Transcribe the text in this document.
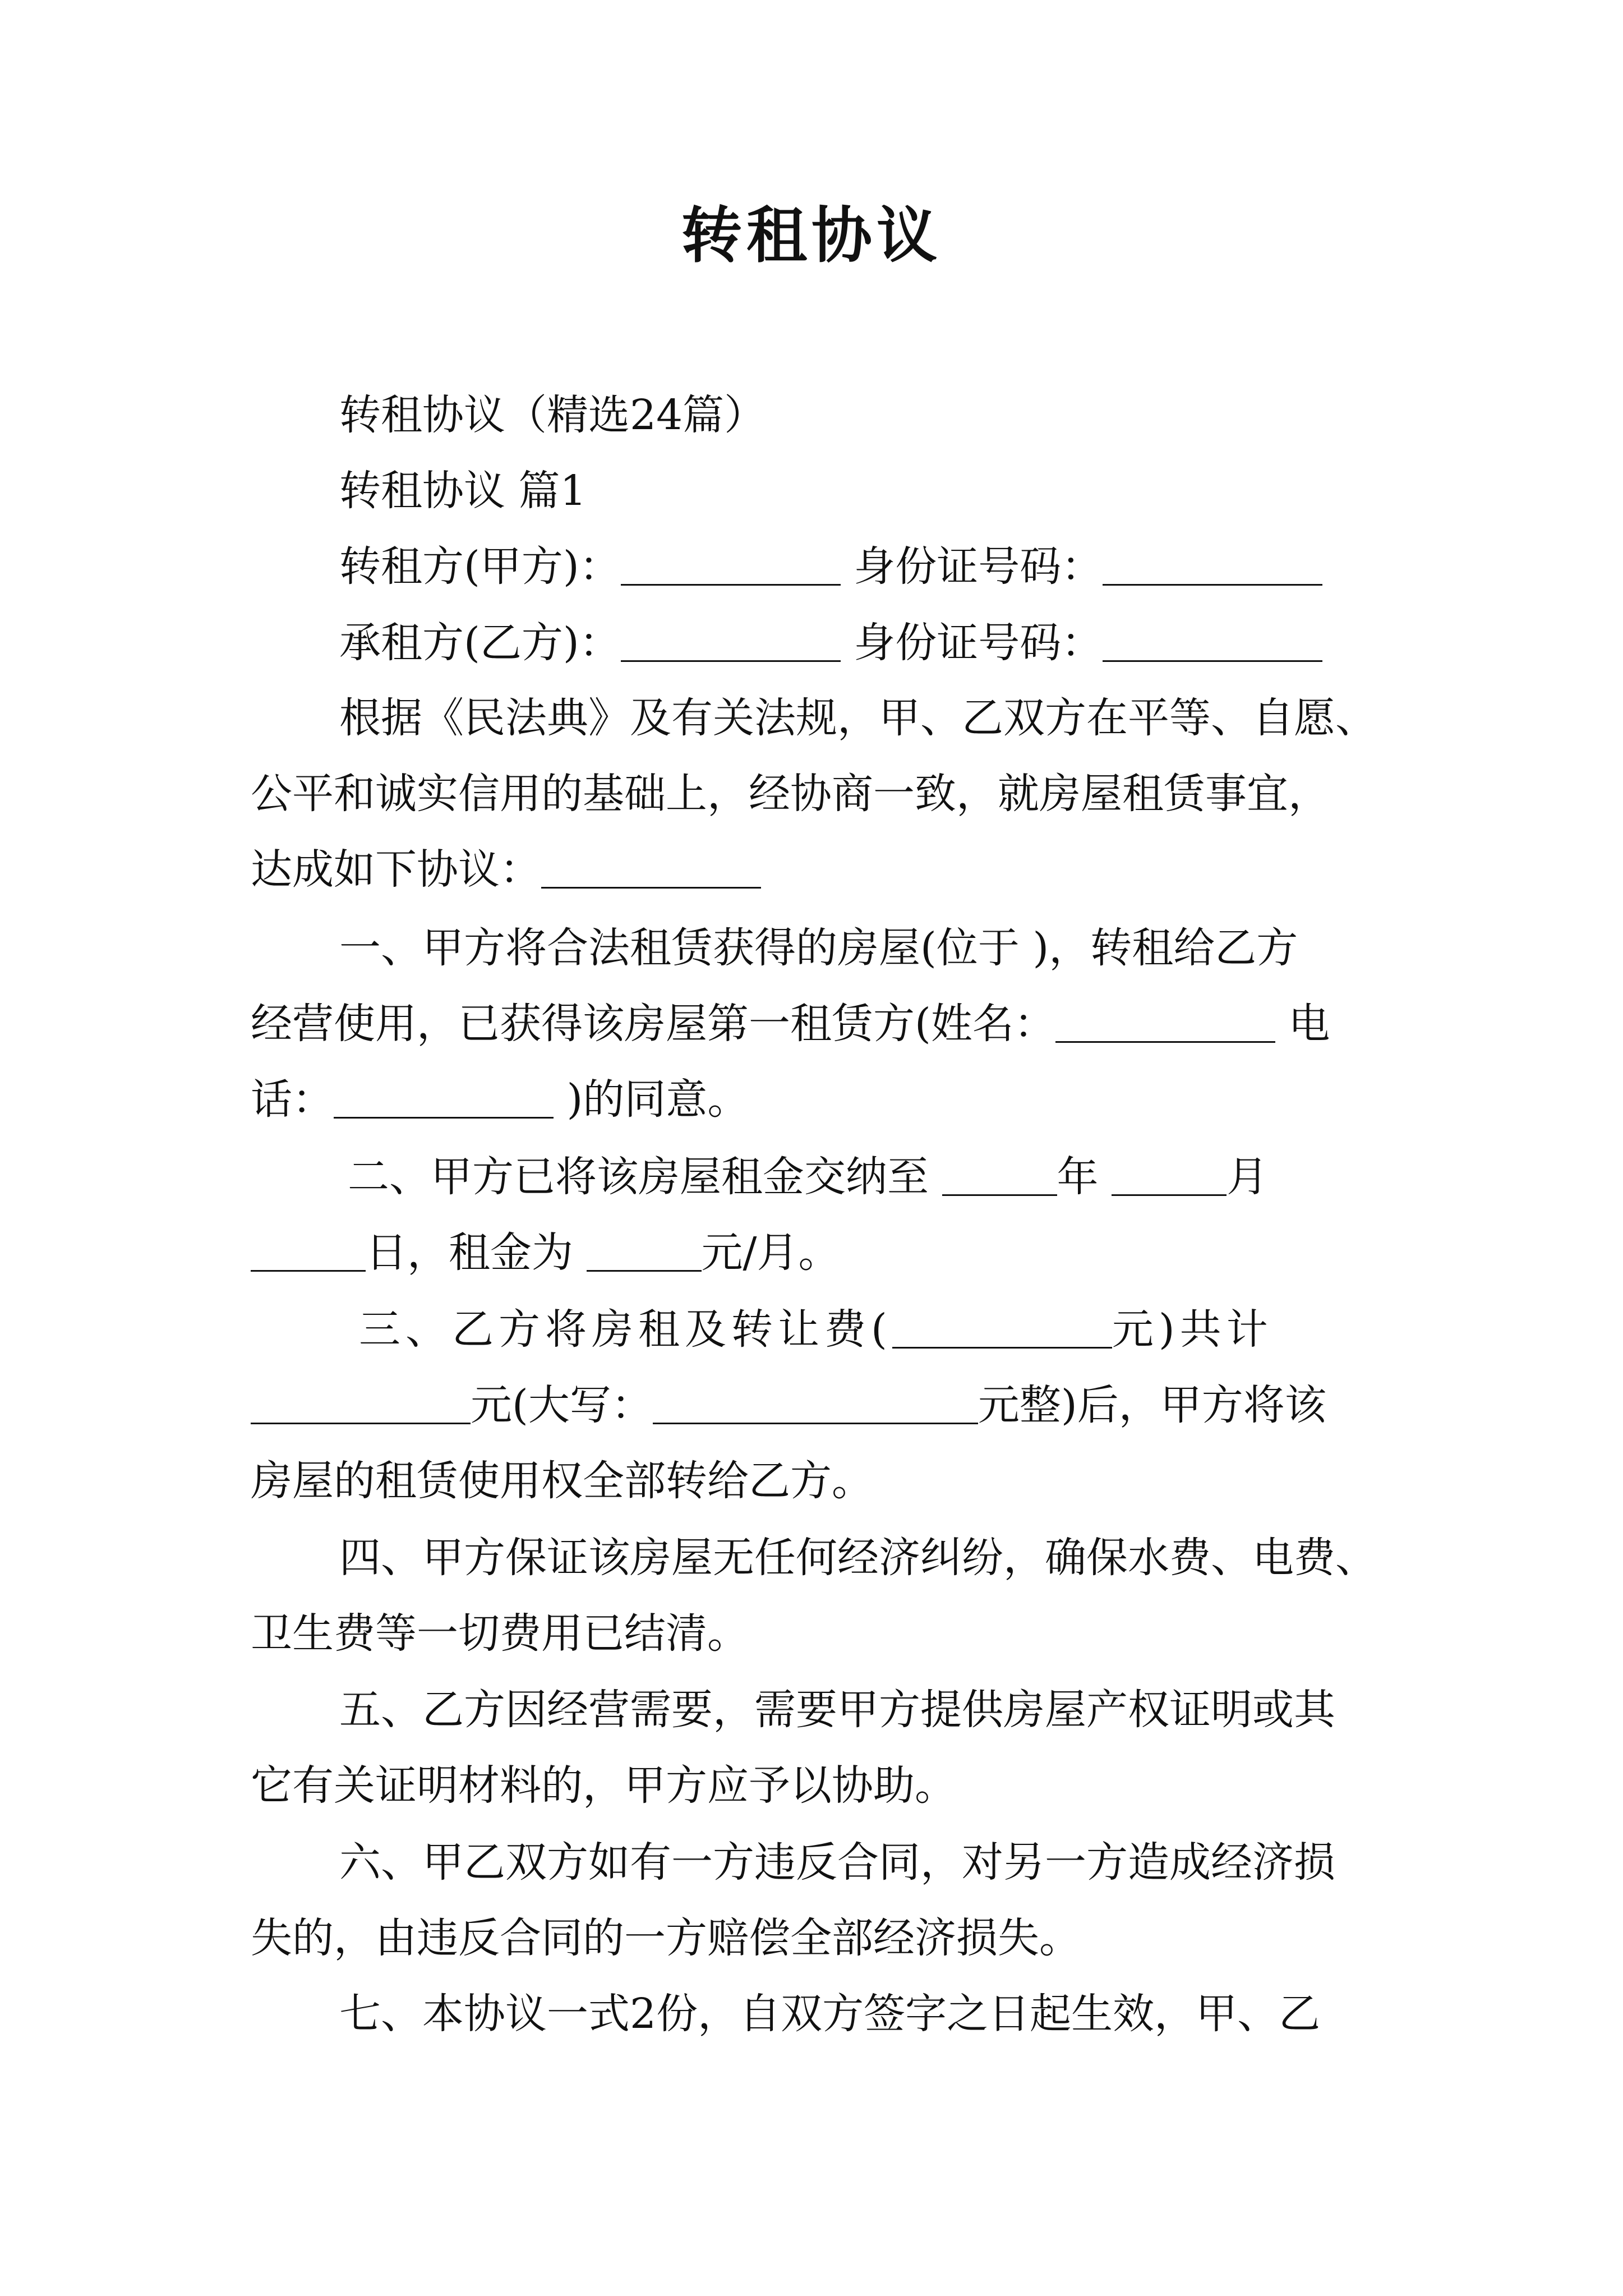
转租协议
转租协议（精选24篇）
转租协议 篇1
转租方(甲方)：	身份证号码：
承租方(乙方)：	身份证号码：
根据《民法典》及有关法规，甲、乙双方在平等、自愿、
公平和诚实信用的基础上，经协商一致，就房屋租赁事宜，
达成如下协议：
一、甲方将合法租赁获得的房屋(位于 )，转租给乙方
经营使用，已获得该房屋第一租赁方(姓名：	电
话：	)的同意。
二、甲方已将该房屋租金交纳至	年	月
日，租金为	元/月。
三、乙方将房租及转让费(	元)共计
元(大写：	元整)后，甲方将该
房屋的租赁使用权全部转给乙方。
四、甲方保证该房屋无任何经济纠纷，确保水费、电费、
卫生费等一切费用已结清。
五、乙方因经营需要，需要甲方提供房屋产权证明或其
它有关证明材料的，甲方应予以协助。
六、甲乙双方如有一方违反合同，对另一方造成经济损
失的，由违反合同的一方赔偿全部经济损失。
七、本协议一式2份，自双方签字之日起生效，甲、乙
